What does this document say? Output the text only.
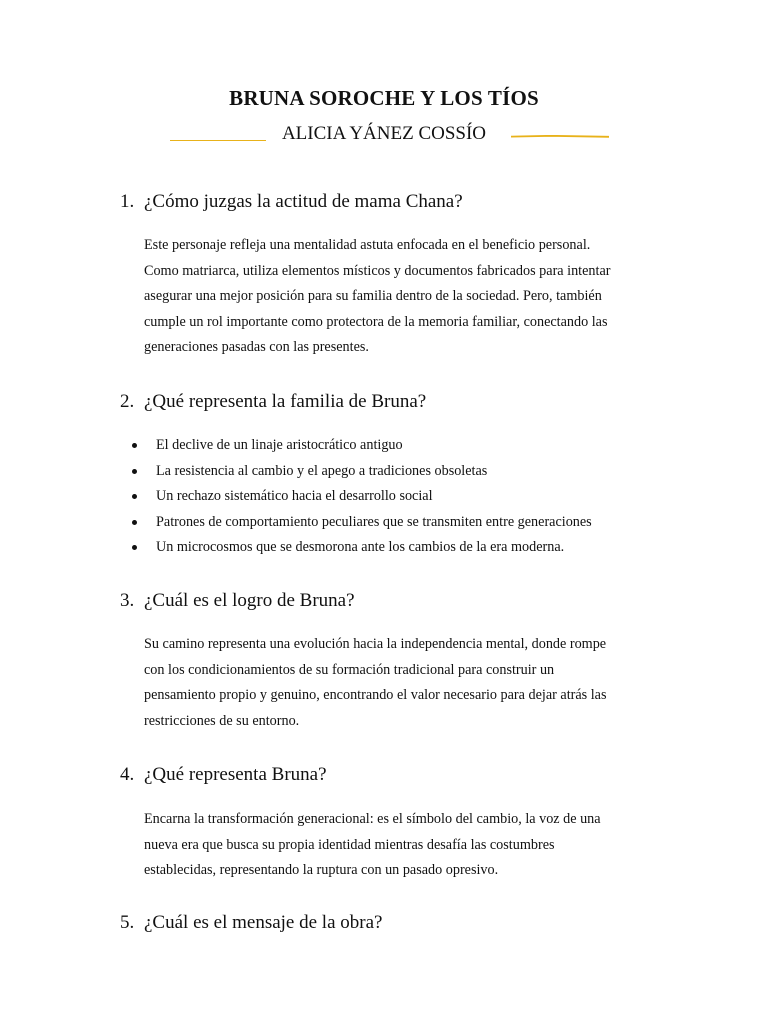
BRUNA SOROCHE Y LOS TÍOS
ALICIA YÁNEZ COSSÍO
1. ¿Cómo juzgas la actitud de mama Chana?
Este personaje refleja una mentalidad astuta enfocada en el beneficio personal.
Como matriarca, utiliza elementos místicos y documentos fabricados para intentar
asegurar una mejor posición para su familia dentro de la sociedad. Pero, también
cumple un rol importante como protectora de la memoria familiar, conectando las
generaciones pasadas con las presentes.
2. ¿Qué representa la familia de Bruna?
El declive de un linaje aristocrático antiguo
La resistencia al cambio y el apego a tradiciones obsoletas
Un rechazo sistemático hacia el desarrollo social
Patrones de comportamiento peculiares que se transmiten entre generaciones
Un microcosmos que se desmorona ante los cambios de la era moderna.
3. ¿Cuál es el logro de Bruna?
Su camino representa una evolución hacia la independencia mental, donde rompe
con los condicionamientos de su formación tradicional para construir un
pensamiento propio y genuino, encontrando el valor necesario para dejar atrás las
restricciones de su entorno.
4. ¿Qué representa Bruna?
Encarna la transformación generacional: es el símbolo del cambio, la voz de una
nueva era que busca su propia identidad mientras desafía las costumbres
establecidas, representando la ruptura con un pasado opresivo.
5. ¿Cuál es el mensaje de la obra?
